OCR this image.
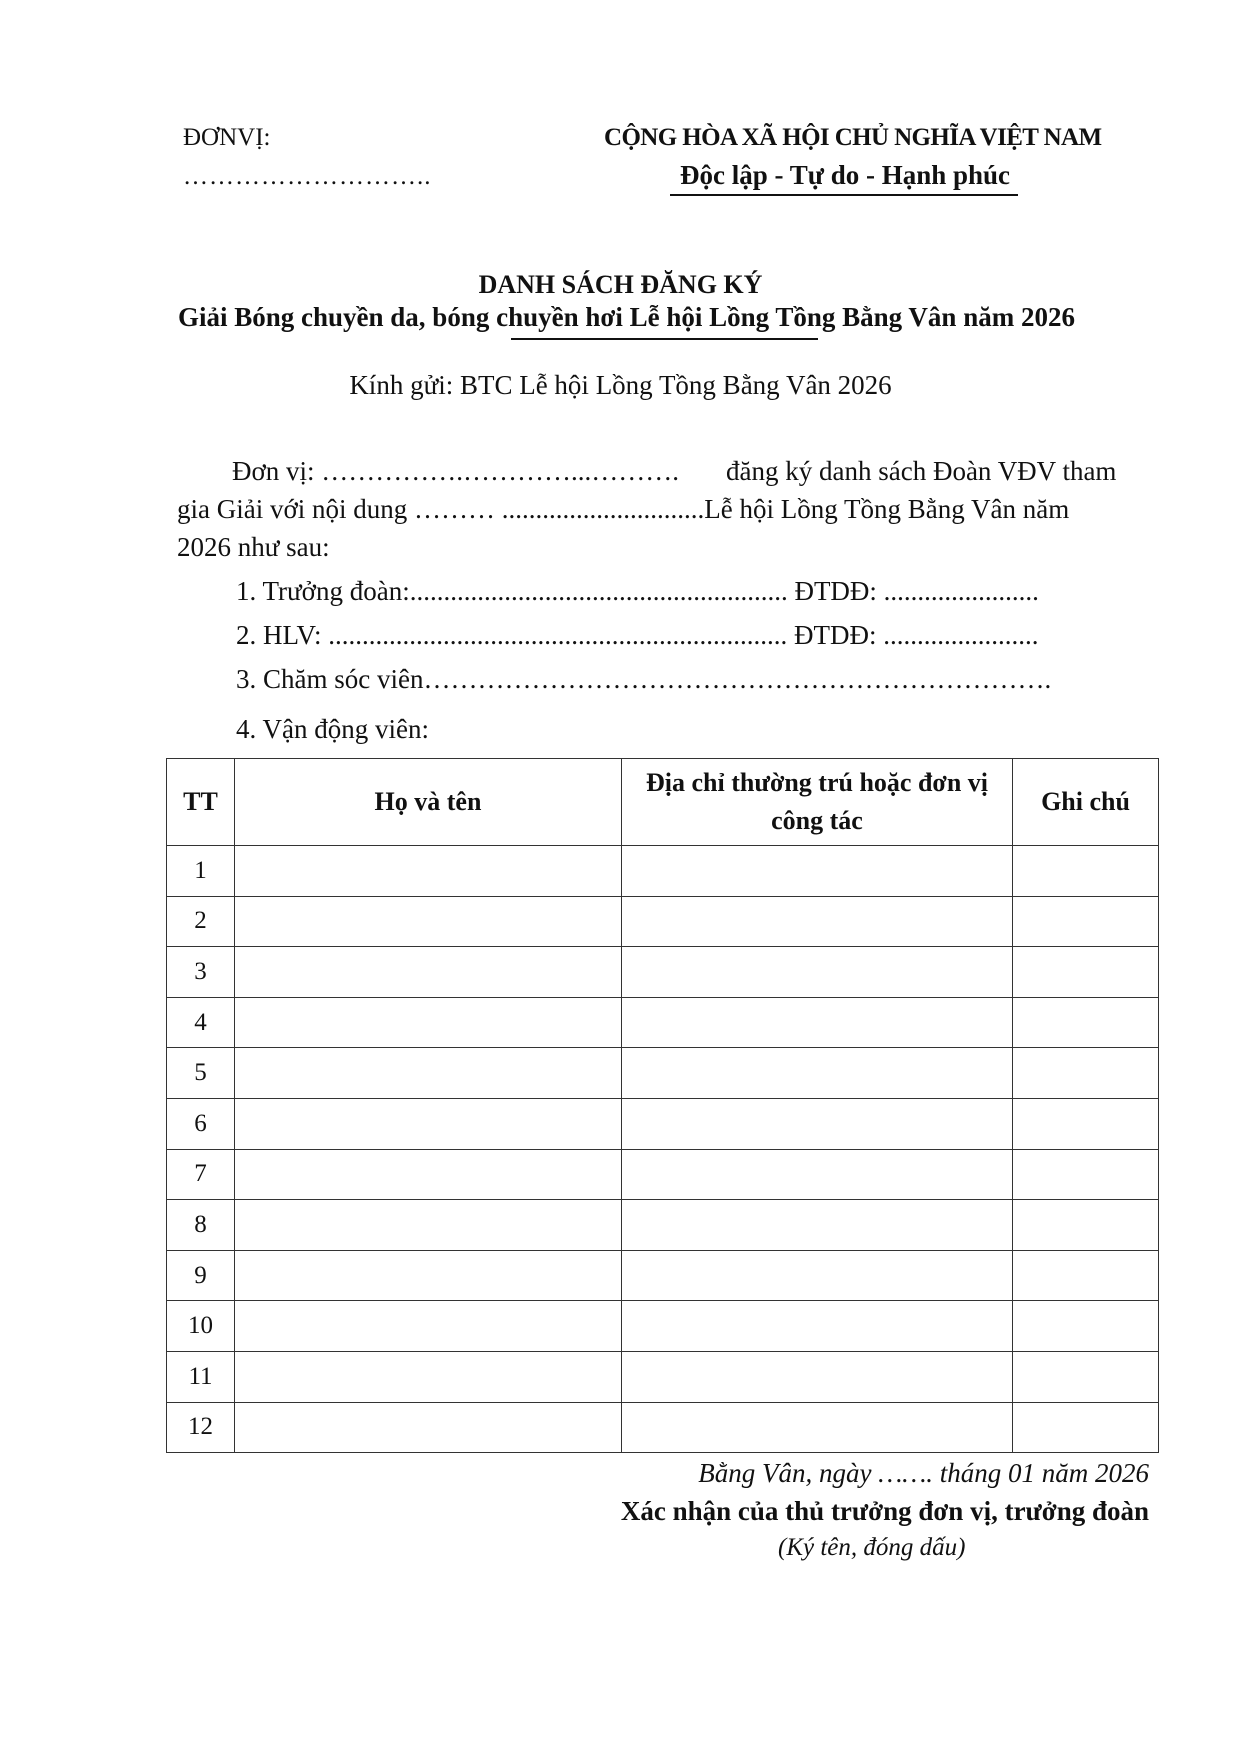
ĐƠNVỊ:
………………………..
CỘNG HÒA XÃ HỘI CHỦ NGHĨA VIỆT NAM
Độc lập - Tự do - Hạnh phúc
DANH SÁCH ĐĂNG KÝ
Giải Bóng chuyền da, bóng chuyền hơi Lễ hội Lồng Tồng Bằng Vân năm 2026
Kính gửi: BTC Lễ hội Lồng Tồng Bằng Vân 2026
Đơn vị: …………….…………...………. đăng ký danh sách Đoàn VĐV tham
gia Giải với nội dung ……… ..............................Lễ hội Lồng Tồng Bằng Vân năm
2026 như sau:
1. Trưởng đoàn:........................................................ ĐTDĐ: .......................
2. HLV: .................................................................... ĐTDĐ: .......................
3. Chăm sóc viên…………………………………………………………….
4. Vận động viên:
TT	Họ và tên	Địa chỉ thường trú hoặc đơn vị công tác	Ghi chú
1			
2			
3			
4			
5			
6			
7			
8			
9			
10			
11			
12			
Bằng Vân, ngày ……. tháng 01 năm 2026
Xác nhận của thủ trưởng đơn vị, trưởng đoàn
(Ký tên, đóng dấu)
